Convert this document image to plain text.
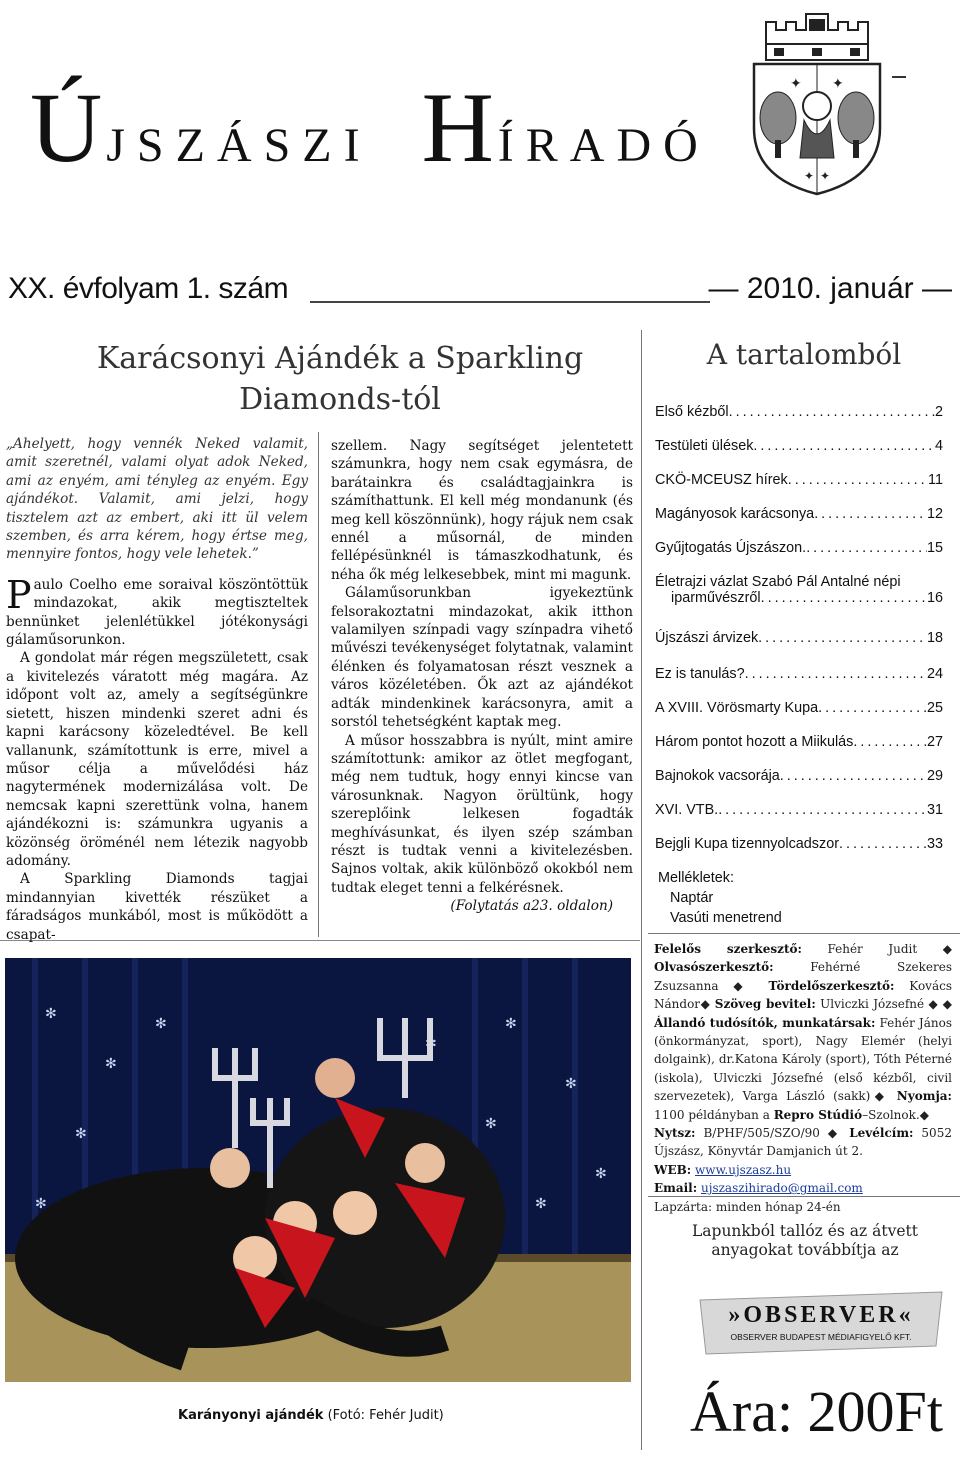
ÚJSZÁSZI HÍRADÓ
✦ ✦
✦ ✦
XX. évfolyam 1. szám	— 2010. január —
Karácsonyi Ajándék a Sparkling
Diamonds-tól

„Ahelyett, hogy vennék Neked valamit, amit szeretnél, valami olyat adok Neked, ami az enyém, ami tényleg az enyém. Egy ajándékot. Valamit, ami jelzi, hogy tisztelem azt az embert, aki itt ül velem szemben, és arra kérem, hogy értse meg, mennyire fontos, hogy vele lehetek.”

Paulo Coelho eme soraival köszöntöttük mindazokat, akik megtiszteltek bennünket jelenlétükkel jótékonysági gálaműsorunkon.

A gondolat már régen megszületett, csak a kivitelezés váratott még magára. Az időpont volt az, amely a segítségünkre sietett, hiszen mindenki szeret adni és kapni karácsony közeledtével. Be kell vallanunk, számítottunk is erre, mivel a műsor célja a művelődési ház nagytermének modernizálása volt. De nemcsak kapni szerettünk volna, hanem ajándékozni is: számunkra ugyanis a közönség öröménél nem létezik nagyobb adomány.

A Sparkling Diamonds tagjai mindannyian kivették részüket a fáradságos munkából, most is működött a csapat-

szellem. Nagy segítséget jelentetett számunkra, hogy nem csak egymásra, de barátainkra és családtagjainkra is számíthattunk. El kell még mondanunk (és meg kell köszönnünk), hogy rájuk nem csak ennél a műsornál, de minden fellépésünknél is támaszkodhatunk, és néha ők még lelkesebbek, mint mi magunk.

Gálaműsorunkban igyekeztünk felsorakoztatni mindazokat, akik itthon valamilyen színpadi vagy színpadra vihető művészi tevékenységet folytatnak, valamint élénken és folyamatosan részt vesznek a város közéletében. Ők azt az ajándékot adták mindenkinek karácsonyra, amit a sorstól tehetségként kaptak meg.

A műsor hosszabbra is nyúlt, mint amire számítottunk: amikor az ötlet megfogant, még nem tudtuk, hogy ennyi kincse van városunknak. Nagyon örültünk, hogy szereplőink lelkesen fogadták meghívásunkat, és ilyen szép számban részt is tudtak venni a kivitelezésben. Sajnos voltak, akik különböző okokból nem tudtak eleget tenni a felkérésnek.

(Folytatás a23. oldalon)

A tartalomból
Első kézből . . .	2
Testületi ülések . . .	4
CKÖ-MCEUSZ hírek . . .	11
Magányosok karácsonya . . .	12
Gyűjtogatás Újszászon. . . .	15
Életrajzi vázlat Szabó Pál Antalné népi
iparművészről . . .	16
Újszászi árvizek . . .	18
Ez is tanulás? . . .	24
A XVIII. Vörösmarty Kupa . . .	25
Három pontot hozott a Miikulás . . .	27
Bajnokok vacsorája . . .	29
XVI. VTB. . . .	31
Bejgli Kupa tizennyolcadszor . . .	33
Mellékletek:
Naptár
Vasúti menetrend
Felelős szerkesztő: Fehér Judit ◆ Olvasószerkesztő:	Fehérné Szekeres Zsuzsanna ◆ Tördelőszerkesztő: Kovács Nándor◆ Szöveg bevitel: Ulviczki Józsefné ◆ ◆ Állandó tudósítók, munkatársak: Fehér János (önkormányzat, sport), Nagy Elemér (helyi dolgaink), dr.Katona Károly (sport), Tóth Péterné (iskola), Ulviczki Józsefné (első kézből, civil szervezetek), Varga László (sakk)◆ Nyomja: 1100 példányban a Repro Stúdió–Szolnok.◆
Nytsz: B/PHF/505/SZO/90 ◆ Levélcím: 5052 Újszász, Könyvtár Damjanich út 2.
WEB: www.ujszasz.hu
Email: ujszaszihirado@gmail.com
Lapzárta: minden hónap 24-én
Lapunkból tallóz és az átvett
anyagokat továbbítja az
»OBSERVER«
OBSERVER BUDAPEST MÉDIAFIGYELŐ KFT.
Ára: 200Ft
✻
✻
✻
✻	✻
✻
✻
✻
✻
✻
✻
Karányonyi ajándék (Fotó: Fehér Judit)
